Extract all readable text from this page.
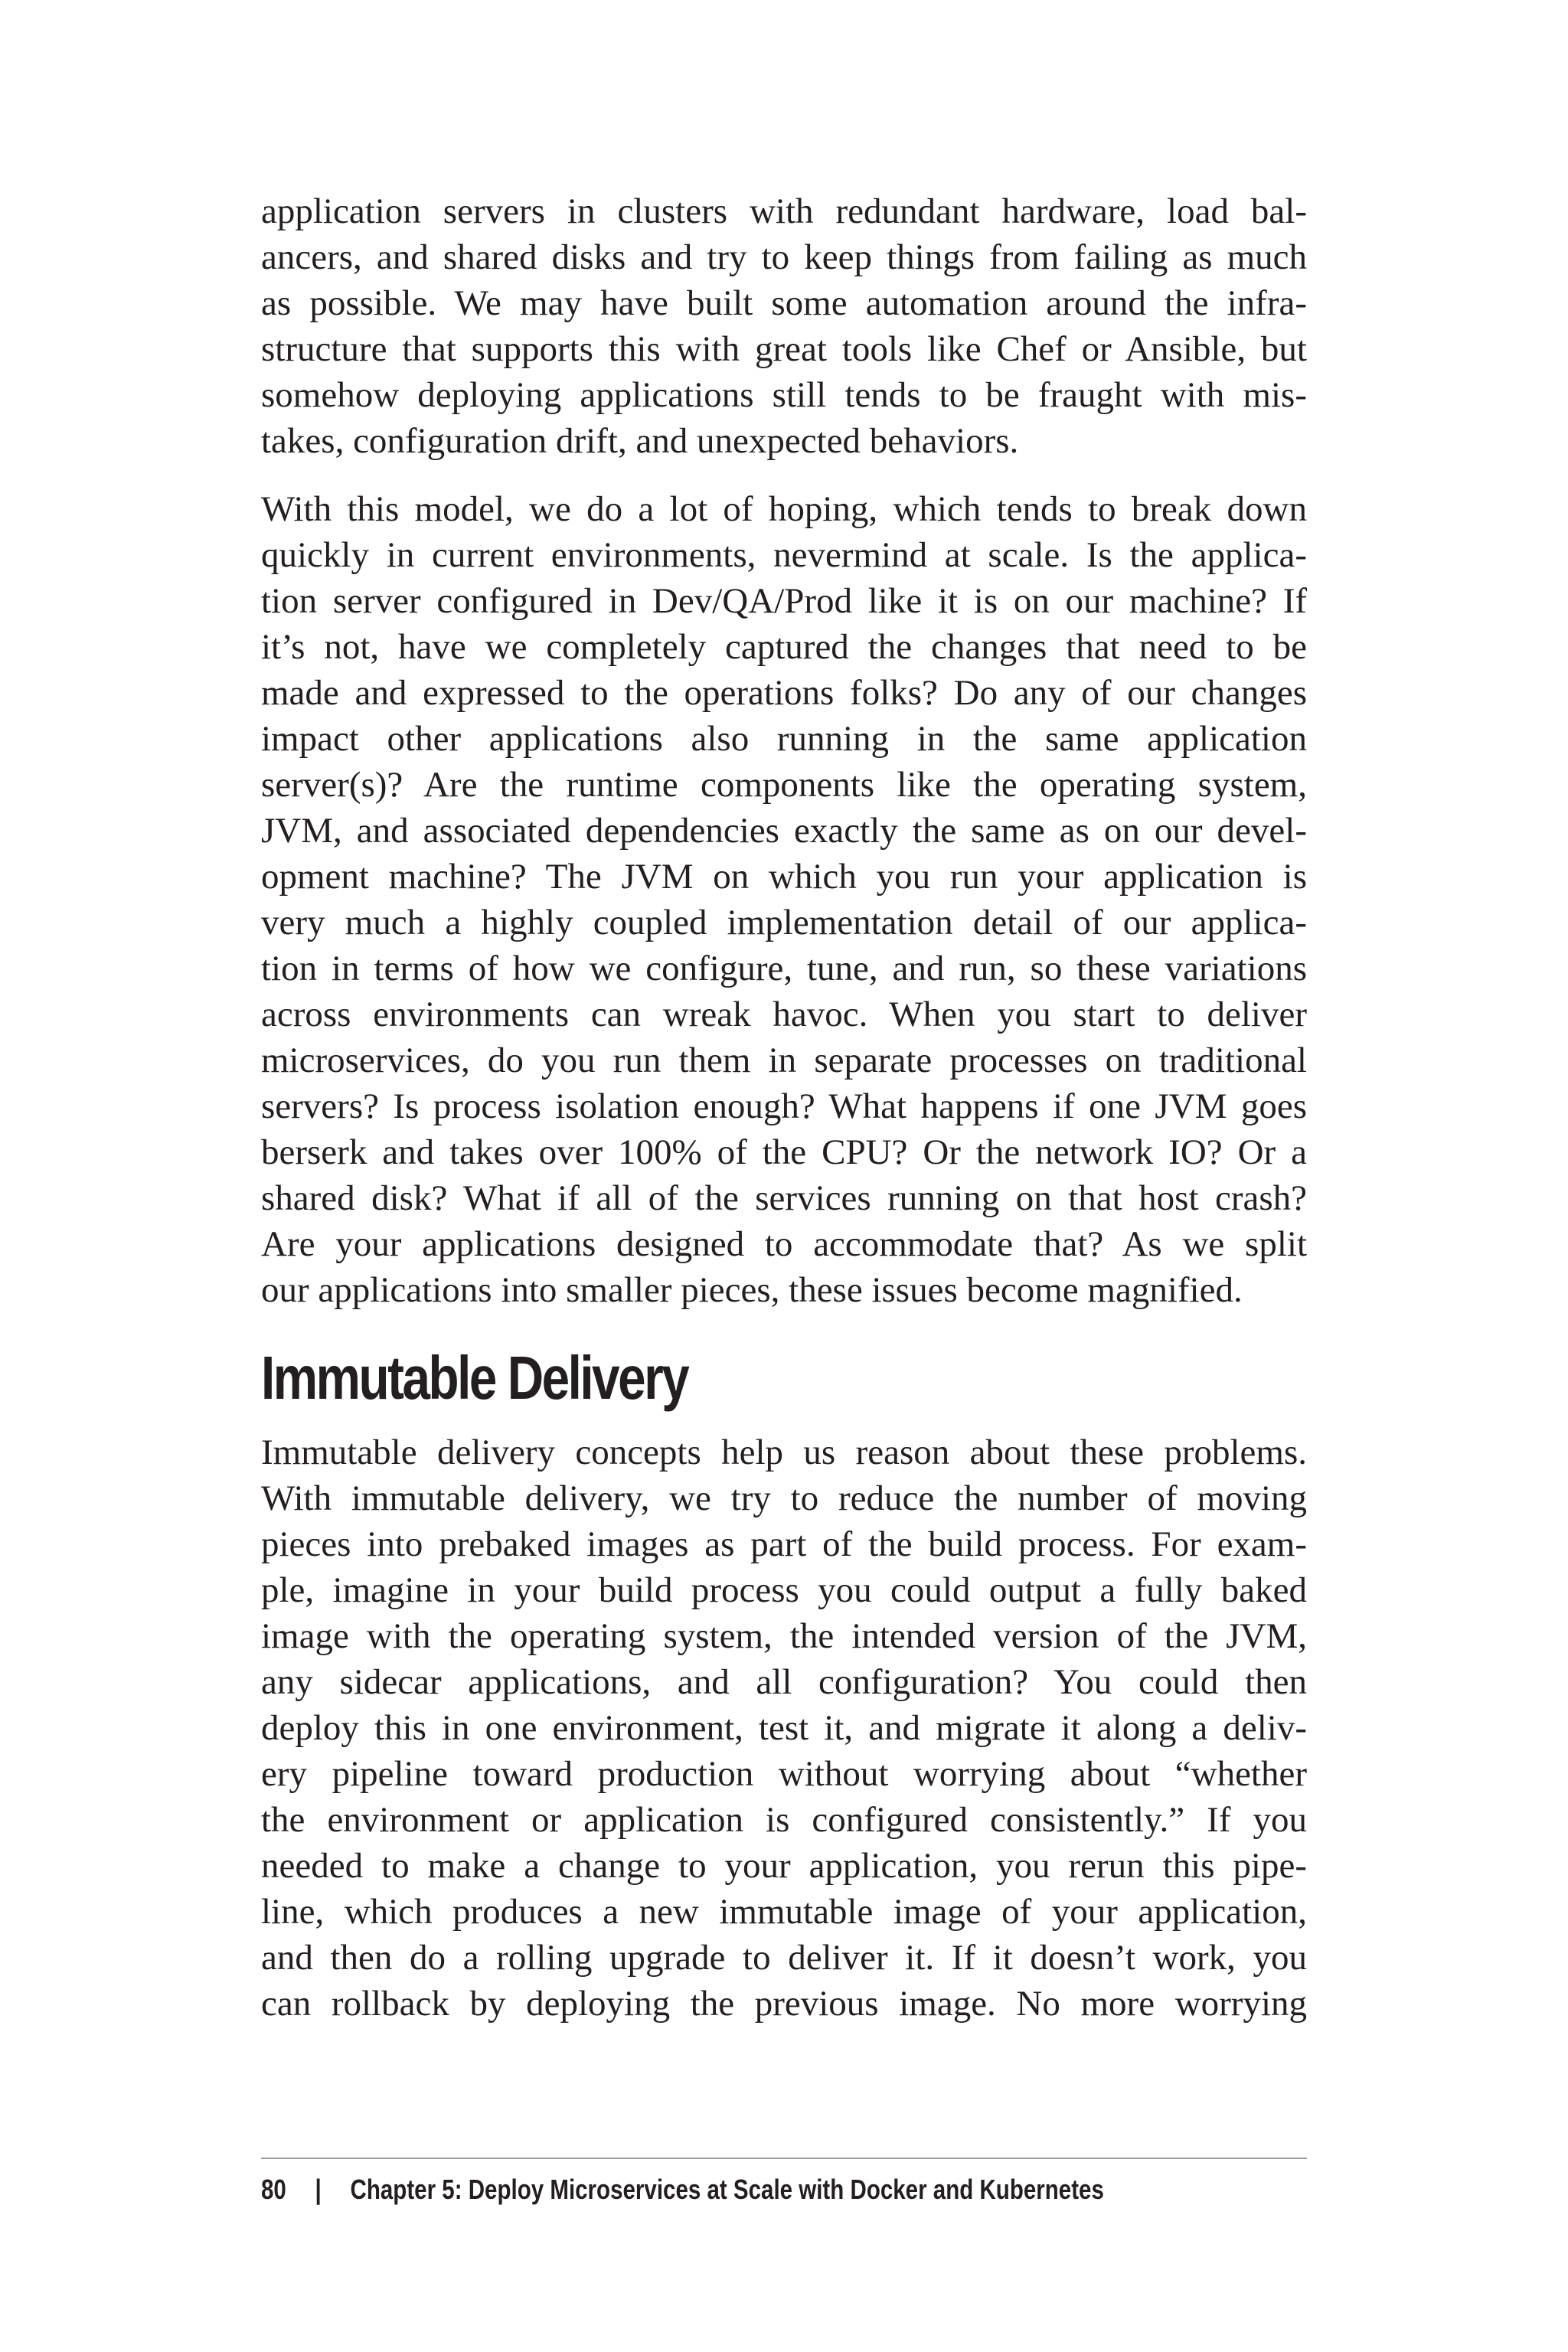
application servers in clusters with redundant hardware, load bal-
ancers, and shared disks and try to keep things from failing as much
as possible. We may have built some automation around the infra-
structure that supports this with great tools like Chef or Ansible, but
somehow deploying applications still tends to be fraught with mis-
takes, configuration drift, and unexpected behaviors.
With this model, we do a lot of hoping, which tends to break down
quickly in current environments, nevermind at scale. Is the applica-
tion server configured in Dev/QA/Prod like it is on our machine? If
it’s not, have we completely captured the changes that need to be
made and expressed to the operations folks? Do any of our changes
impact other applications also running in the same application
server(s)? Are the runtime components like the operating system,
JVM, and associated dependencies exactly the same as on our devel-
opment machine? The JVM on which you run your application is
very much a highly coupled implementation detail of our applica-
tion in terms of how we configure, tune, and run, so these variations
across environments can wreak havoc. When you start to deliver
microservices, do you run them in separate processes on traditional
servers? Is process isolation enough? What happens if one JVM goes
berserk and takes over 100% of the CPU? Or the network IO? Or a
shared disk? What if all of the services running on that host crash?
Are your applications designed to accommodate that? As we split
our applications into smaller pieces, these issues become magnified.
Immutable Delivery
Immutable delivery concepts help us reason about these problems.
With immutable delivery, we try to reduce the number of moving
pieces into prebaked images as part of the build process. For exam-
ple, imagine in your build process you could output a fully baked
image with the operating system, the intended version of the JVM,
any sidecar applications, and all configuration? You could then
deploy this in one environment, test it, and migrate it along a deliv-
ery pipeline toward production without worrying about “whether
the environment or application is configured consistently.” If you
needed to make a change to your application, you rerun this pipe-
line, which produces a new immutable image of your application,
and then do a rolling upgrade to deliver it. If it doesn’t work, you
can rollback by deploying the previous image. No more worrying
80 | Chapter 5: Deploy Microservices at Scale with Docker and Kubernetes
